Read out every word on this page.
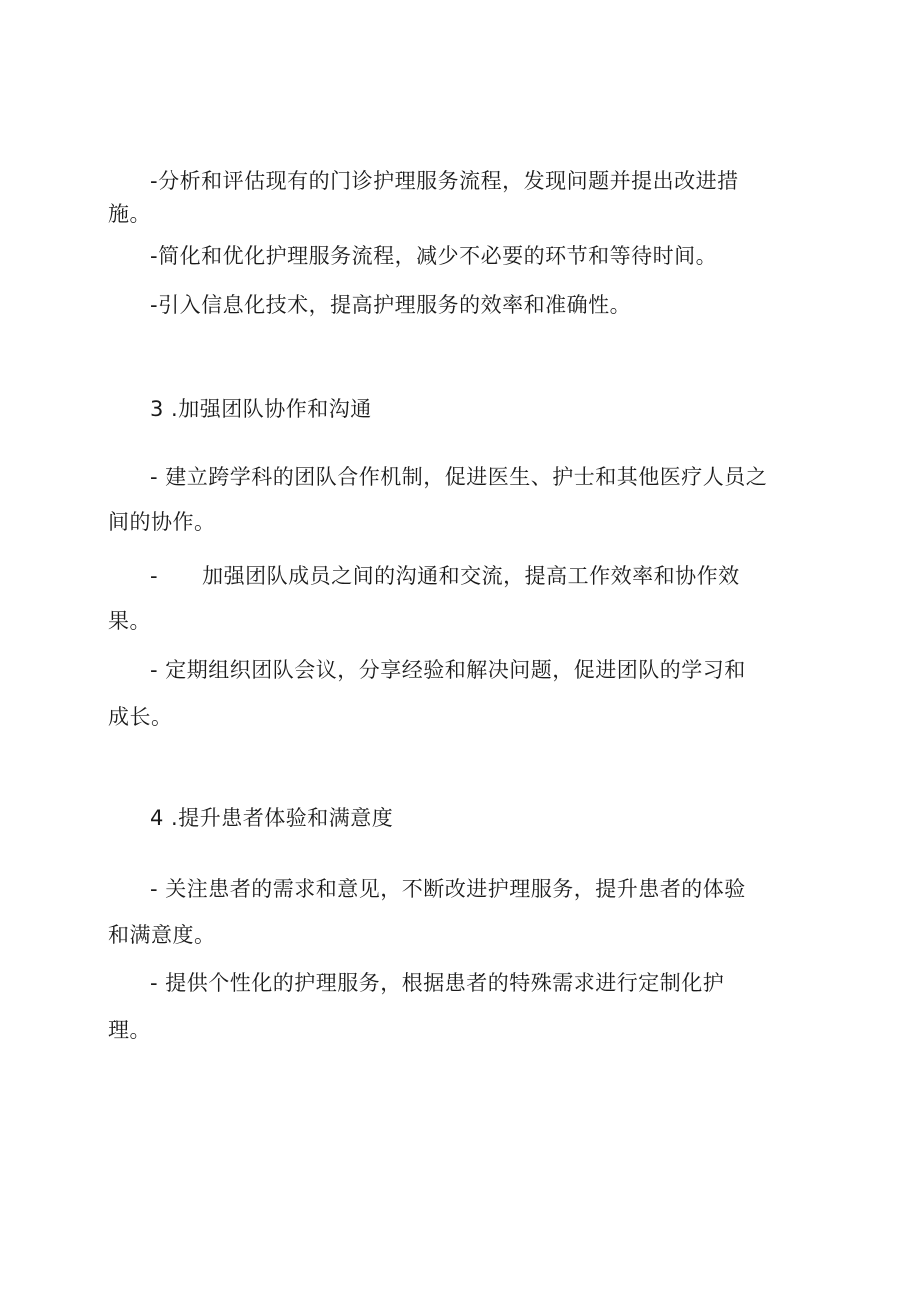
-分析和评估现有的门诊护理服务流程，发现问题并提出改进措
施。
-简化和优化护理服务流程，减少不必要的环节和等待时间。
-引入信息化技术，提高护理服务的效率和准确性。
3 .加强团队协作和沟通
- 建立跨学科的团队合作机制，促进医生、护士和其他医疗人员之
间的协作。
- 加强团队成员之间的沟通和交流，提高工作效率和协作效
果。
- 定期组织团队会议，分享经验和解决问题，促进团队的学习和
成长。
4 .提升患者体验和满意度
- 关注患者的需求和意见，不断改进护理服务，提升患者的体验
和满意度。
- 提供个性化的护理服务，根据患者的特殊需求进行定制化护
理。
